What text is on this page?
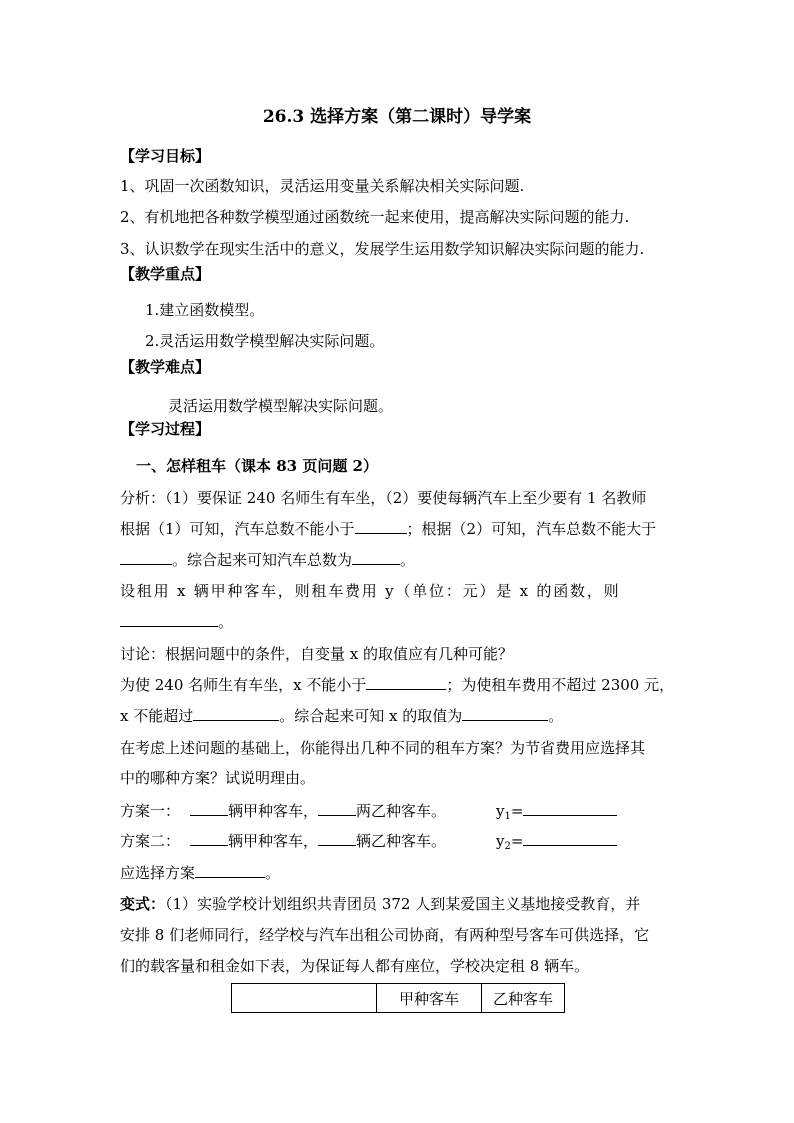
26.3 选择方案（第二课时）导学案
【学习目标】
1、巩固一次函数知识，灵活运用变量关系解决相关实际问题.
2、有机地把各种数学模型通过函数统一起来使用，提高解决实际问题的能力.
3、认识数学在现实生活中的意义，发展学生运用数学知识解决实际问题的能力.
【教学重点】
1.建立函数模型。
2.灵活运用数学模型解决实际问题。
【教学难点】
灵活运用数学模型解决实际问题。
【学习过程】
一、怎样租车（课本 83 页问题 2）
分析：（1）要保证 240 名师生有车坐，（2）要使每辆汽车上至少要有 1 名教师
根据（1）可知，汽车总数不能小于	；根据（2）可知，汽车总数不能大于
。综合起来可知汽车总数为	。
设租用 x 辆甲种客车，则租车费用 y（单位：元）是 x 的函数，则
。
讨论：根据问题中的条件，自变量 x 的取值应有几种可能？
为使 240 名师生有车坐，x 不能小于	；为使租车费用不超过 2300 元，
x 不能超过	。综合起来可知 x 的取值为	。
在考虑上述问题的基础上，你能得出几种不同的租车方案？为节省费用应选择其
中的哪种方案？试说明理由。
方案一：	辆甲种客车，	两乙种客车。	$y_1=$
方案二：	辆甲种客车，	辆乙种客车。	$y_2=$
应选择方案	。
变式：（1）实验学校计划组织共青团员 372 人到某爱国主义基地接受教育，并
安排 8 们老师同行，经学校与汽车出租公司协商，有两种型号客车可供选择，它
们的载客量和租金如下表，为保证每人都有座位，学校决定租 8 辆车。
	甲种客车	乙种客车
